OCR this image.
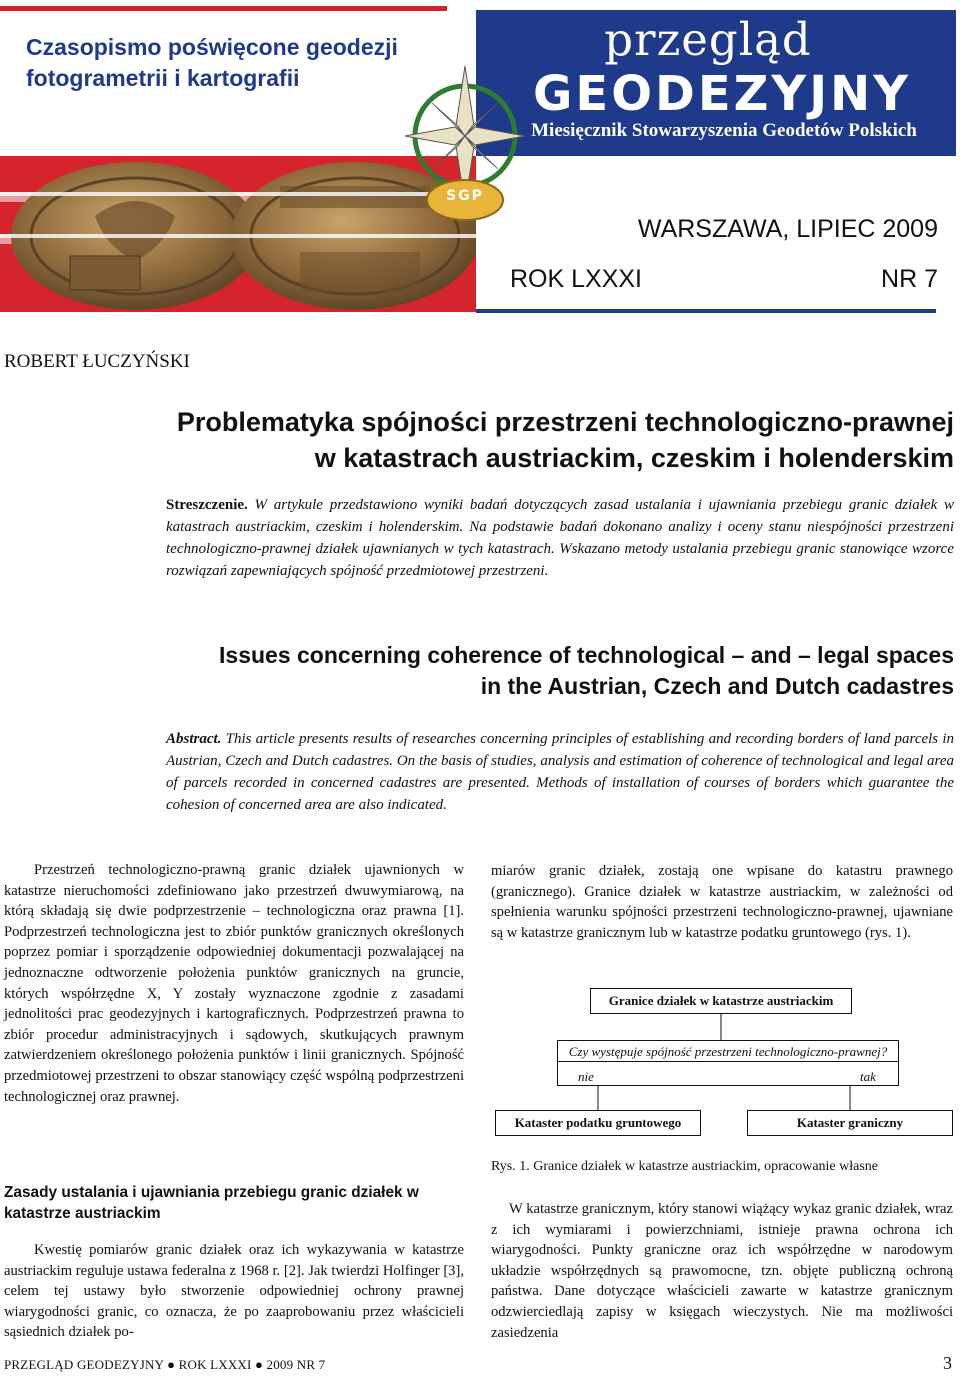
Czasopismo poświęcone geodezji
fotogrametrii i kartografii
przegląd
GEODEZYJNY
Miesięcznik Stowarzyszenia Geodetów Polskich
SGP
WARSZAWA, LIPIEC 2009
ROK LXXXI	NR 7
ROBERT ŁUCZYŃSKI
Problematyka spójności przestrzeni technologiczno-prawnej
w katastrach austriackim, czeskim i holenderskim
Streszczenie. W artykule przedstawiono wyniki badań dotyczących zasad ustalania i ujawniania przebiegu granic działek w katastrach austriackim, czeskim i holenderskim. Na podstawie badań dokonano analizy i oceny stanu niespójności przestrzeni technologiczno-prawnej działek ujawnianych w tych katastrach. Wskazano metody ustalania przebiegu granic stanowiące wzorce rozwiązań zapewniających spójność przedmiotowej przestrzeni.
Issues concerning coherence of technological – and – legal spaces
in the Austrian, Czech and Dutch cadastres
Abstract. This article presents results of researches concerning principles of establishing and recording borders of land parcels in Austrian, Czech and Dutch cadastres. On the basis of studies, analysis and estimation of coherence of technological and legal area of parcels recorded in concerned cadastres are presented. Methods of installation of courses of borders which guarantee the cohesion of concerned area are also indicated.
Przestrzeń technologiczno-prawną granic działek ujawnionych w katastrze nieruchomości zdefiniowano jako przestrzeń dwuwymiarową, na którą składają się dwie podprzestrzenie – technologiczna oraz prawna [1]. Podprzestrzeń technologiczna jest to zbiór punktów granicznych określonych poprzez pomiar i sporządzenie odpowiedniej dokumentacji pozwalającej na jednoznaczne odtworzenie położenia punktów granicznych na gruncie, których współrzędne X, Y zostały wyznaczone zgodnie z zasadami jednolitości prac geodezyjnych i kartograficznych. Podprzestrzeń prawna to zbiór procedur administracyjnych i sądowych, skutkujących prawnym zatwierdzeniem określonego położenia punktów i linii granicznych. Spójność przedmiotowej przestrzeni to obszar stanowiący część wspólną podprzestrzeni technologicznej oraz prawnej.
Zasady ustalania i ujawniania przebiegu granic działek w katastrze austriackim
Kwestię pomiarów granic działek oraz ich wykazywania w katastrze austriackim reguluje ustawa federalna z 1968 r. [2]. Jak twierdzi Holfinger [3], celem tej ustawy było stworzenie odpowiedniej ochrony prawnej wiarygodności granic, co oznacza, że po zaaprobowaniu przez właścicieli sąsiednich działek po-
miarów granic działek, zostają one wpisane do katastru prawnego (granicznego). Granice działek w katastrze austriackim, w zależności od spełnienia warunku spójności przestrzeni technologiczno-prawnej, ujawniane są w katastrze granicznym lub w katastrze podatku gruntowego (rys. 1).
Granice działek w katastrze austriackim
Czy występuje spójność przestrzeni technologiczno-prawnej?
nie	tak
Kataster podatku gruntowego	Kataster graniczny
Rys. 1. Granice działek w katastrze austriackim, opracowanie własne
W katastrze granicznym, który stanowi wiążący wykaz granic działek, wraz z ich wymiarami i powierzchniami, istnieje prawna ochrona ich wiarygodności. Punkty graniczne oraz ich współrzędne w narodowym układzie współrzędnych są prawomocne, tzn. objęte publiczną ochroną państwa. Dane dotyczące właścicieli zawarte w katastrze granicznym odzwierciedlają zapisy w księgach wieczystych. Nie ma możliwości zasiedzenia
PRZEGLĄD GEODEZYJNY ● ROK LXXXI ● 2009 NR 7	3
